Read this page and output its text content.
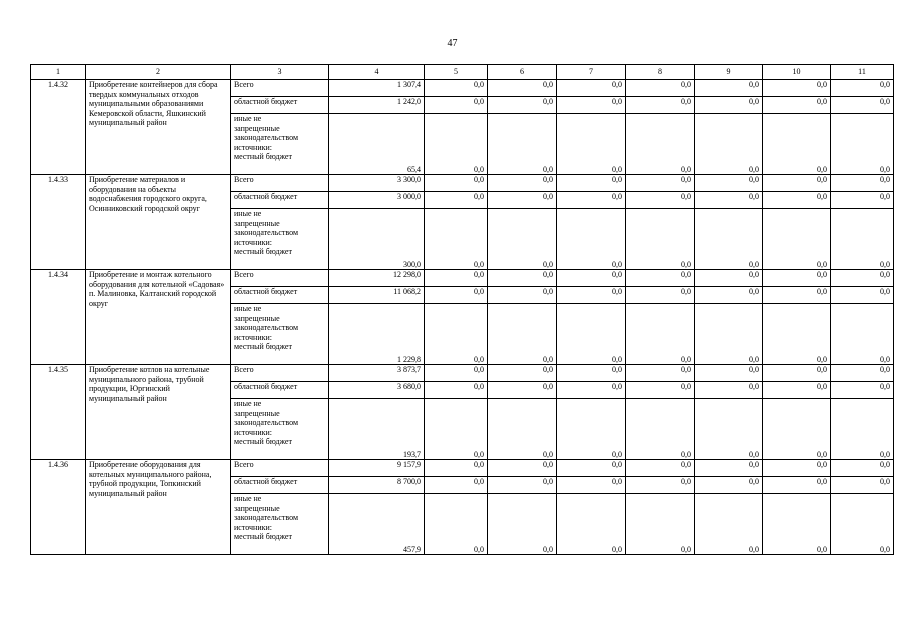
47
1	2	3	4	5	6	7	8	9	10	11
1.4.32	Приобретение контейнеров для сбора твердых коммунальных отходов муниципальными образованиями Кемеровской области, Яшкинский муниципальный район	Всего	1 307,4	0,0	0,0	0,0	0,0	0,0	0,0	0,0
		областной бюджет	1 242,0	0,0	0,0	0,0	0,0	0,0	0,0	0,0

		иные не
запрещенные
законодательством
источники:
местный бюджет	65,4	0,0	0,0	0,0	0,0	0,0	0,0	0,0
1.4.33	Приобретение материалов и оборудования на объекты водоснабжения городского округа, Осинниковский городской округ	Всего	3 300,0	0,0	0,0	0,0	0,0	0,0	0,0	0,0
		областной бюджет	3 000,0	0,0	0,0	0,0	0,0	0,0	0,0	0,0

		иные не
запрещенные
законодательством
источники:
местный бюджет	300,0	0,0	0,0	0,0	0,0	0,0	0,0	0,0
1.4.34	Приобретение и монтаж котельного оборудования для котельной «Садовая» п. Малиновка, Калтанский городской округ	Всего	12 298,0	0,0	0,0	0,0	0,0	0,0	0,0	0,0
		областной бюджет	11 068,2	0,0	0,0	0,0	0,0	0,0	0,0	0,0

		иные не
запрещенные
законодательством
источники:
местный бюджет	1 229,8	0,0	0,0	0,0	0,0	0,0	0,0	0,0
1.4.35	Приобретение котлов на котельные муниципального района, трубной продукции, Юргинский муниципальный район	Всего	3 873,7	0,0	0,0	0,0	0,0	0,0	0,0	0,0
		областной бюджет	3 680,0	0,0	0,0	0,0	0,0	0,0	0,0	0,0

		иные не
запрещенные
законодательством
источники:
местный бюджет	193,7	0,0	0,0	0,0	0,0	0,0	0,0	0,0
1.4.36	Приобретение оборудования для котельных муниципального района, трубной продукции, Топкинский муниципальный район	Всего	9 157,9	0,0	0,0	0,0	0,0	0,0	0,0	0,0
		областной бюджет	8 700,0	0,0	0,0	0,0	0,0	0,0	0,0	0,0

		иные не
запрещенные
законодательством
источники:
местный бюджет	457,9	0,0	0,0	0,0	0,0	0,0	0,0	0,0
